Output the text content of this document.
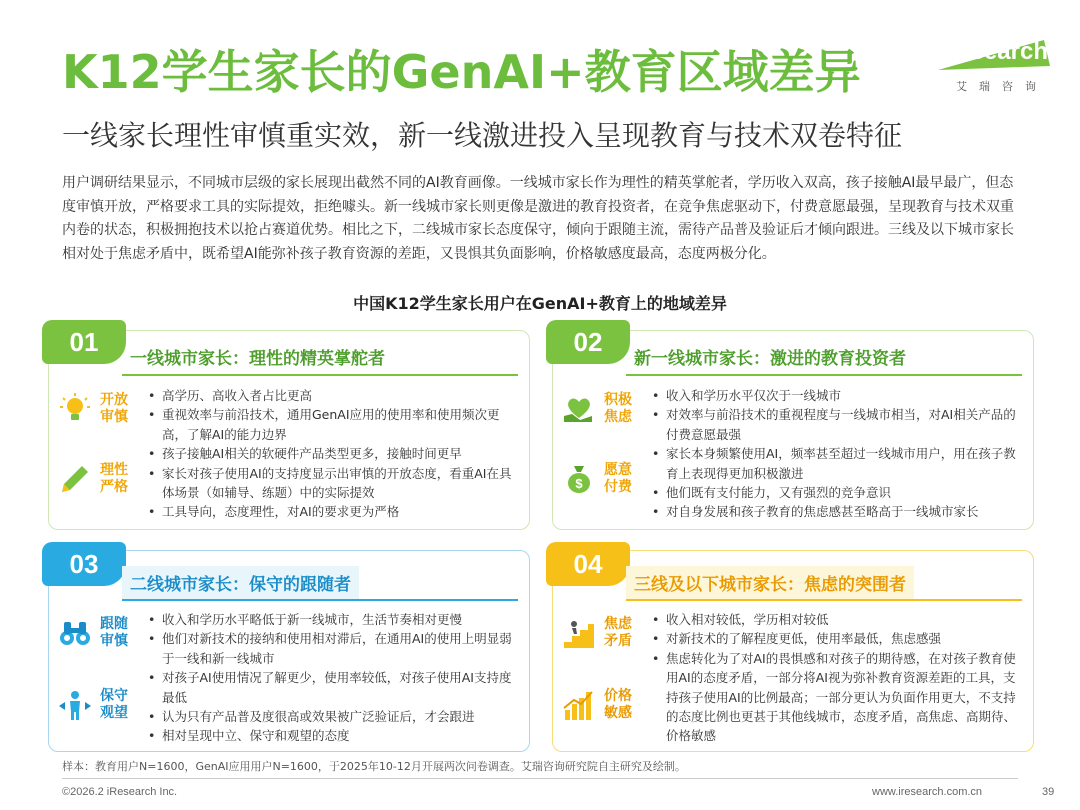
K12学生家长的GenAI+教育区域差异
一线家长理性审慎重实效，新一线激进投入呈现教育与技术双卷特征
iResearch
艾瑞咨询
用户调研结果显示，不同城市层级的家长展现出截然不同的AI教育画像。一线城市家长作为理性的精英掌舵者，学历收入双高，孩子接触AI最早最广，但态度审慎开放，严格要求工具的实际提效，拒绝噱头。新一线城市家长则更像是激进的教育投资者，在竞争焦虑驱动下，付费意愿最强，呈现教育与技术双重内卷的状态，积极拥抱技术以抢占赛道优势。相比之下，二线城市家长态度保守，倾向于跟随主流，需待产品普及验证后才倾向跟进。三线及以下城市家长相对处于焦虑矛盾中，既希望AI能弥补孩子教育资源的差距，又畏惧其负面影响，价格敏感度最高，态度两极分化。
中国K12学生家长用户在GenAI+教育上的地域差异
01
一线城市家长：理性的精英掌舵者
开放审慎
理性严格
• 高学历、高收入者占比更高
• 重视效率与前沿技术，通用GenAI应用的使用率和使用频次更高，了解AI的能力边界
• 孩子接触AI相关的软硬件产品类型更多，接触时间更早
• 家长对孩子使用AI的支持度显示出审慎的开放态度，看重AI在具体场景（如辅导、练题）中的实际提效
• 工具导向，态度理性，对AI的要求更为严格
02
新一线城市家长：激进的教育投资者
积极焦虑
$
愿意付费
• 收入和学历水平仅次于一线城市
• 对效率与前沿技术的重视程度与一线城市相当，对AI相关产品的付费意愿最强
• 家长本身频繁使用AI，频率甚至超过一线城市用户，用在孩子教育上表现得更加积极激进
• 他们既有支付能力，又有强烈的竞争意识
• 对自身发展和孩子教育的焦虑感甚至略高于一线城市家长
03
二线城市家长：保守的跟随者
跟随审慎
保守观望
• 收入和学历水平略低于新一线城市，生活节奏相对更慢
• 他们对新技术的接纳和使用相对滞后，在通用AI的使用上明显弱于一线和新一线城市
• 对孩子AI使用情况了解更少，使用率较低，对孩子使用AI支持度最低
• 认为只有产品普及度很高或效果被广泛验证后，才会跟进
• 相对呈现中立、保守和观望的态度
04
三线及以下城市家长：焦虑的突围者
焦虑矛盾
价格敏感
• 收入相对较低，学历相对较低
• 对新技术的了解程度更低，使用率最低，焦虑感强
• 焦虑转化为了对AI的畏惧感和对孩子的期待感，在对孩子教育使用AI的态度矛盾，一部分将AI视为弥补教育资源差距的工具，支持孩子使用AI的比例最高；一部分更认为负面作用更大，不支持的态度比例也更甚于其他线城市，态度矛盾，高焦虑、高期待、价格敏感
样本：教育用户N=1600，GenAI应用用户N=1600，于2025年10-12月开展两次问卷调查。艾瑞咨询研究院自主研究及绘制。
©2026.2 iResearch Inc.	www.iresearch.com.cn	39
